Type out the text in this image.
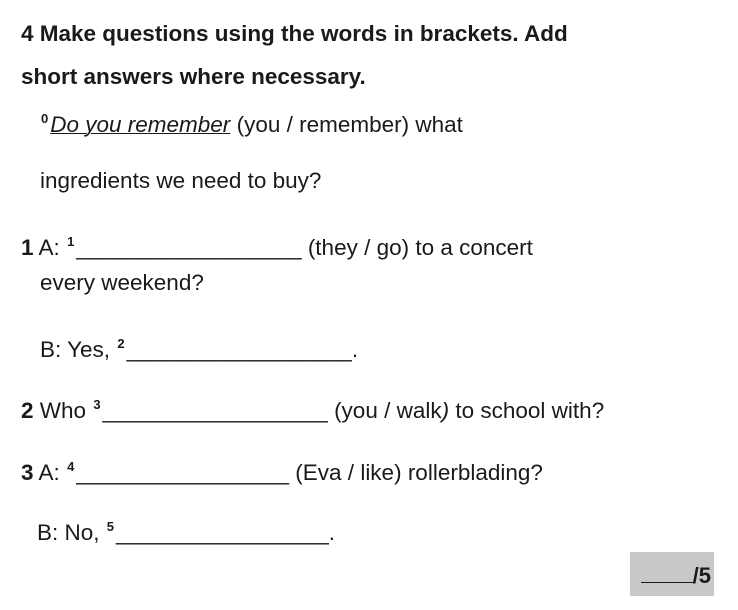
4 Make questions using the words in brackets. Add
short answers where necessary.
$^0$Do you remember (you / remember) what
ingredients we need to buy?
1 A: $^1$__________________ (they / go) to a concert
every weekend?
B: Yes, $^2$__________________.
2 Who $^3$__________________ (you / walk) to school with?
3 A: $^4$_________________ (Eva / like) rollerblading?
B: No, $^5$_________________.
/5
